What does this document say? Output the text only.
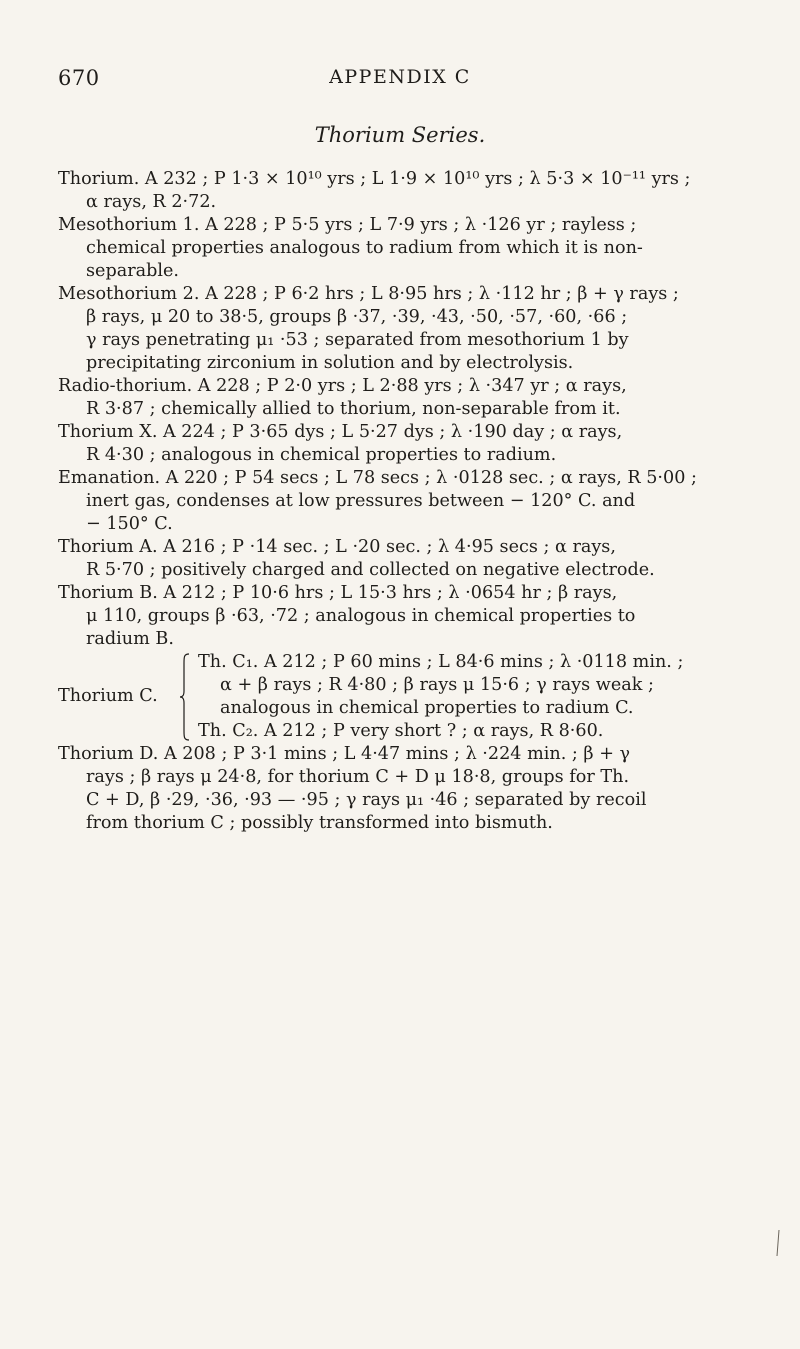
670	APPENDIX C
Thorium Series.
Thorium. A 232 ; P 1·3 × 10¹⁰ yrs ; L 1·9 × 10¹⁰ yrs ; λ 5·3 × 10⁻¹¹ yrs ;
α rays, R 2·72.
Mesothorium 1. A 228 ; P 5·5 yrs ; L 7·9 yrs ; λ ·126 yr ; rayless ;
chemical properties analogous to radium from which it is non-
separable.
Mesothorium 2. A 228 ; P 6·2 hrs ; L 8·95 hrs ; λ ·112 hr ; β + γ rays ;
β rays, μ 20 to 38·5, groups β ·37, ·39, ·43, ·50, ·57, ·60, ·66 ;
γ rays penetrating μ₁ ·53 ; separated from mesothorium 1 by
precipitating zirconium in solution and by electrolysis.
Radio-thorium. A 228 ; P 2·0 yrs ; L 2·88 yrs ; λ ·347 yr ; α rays,
R 3·87 ; chemically allied to thorium, non-separable from it.
Thorium X. A 224 ; P 3·65 dys ; L 5·27 dys ; λ ·190 day ; α rays,
R 4·30 ; analogous in chemical properties to radium.
Emanation. A 220 ; P 54 secs ; L 78 secs ; λ ·0128 sec. ; α rays, R 5·00 ;
inert gas, condenses at low pressures between − 120° C. and
− 150° C.
Thorium A. A 216 ; P ·14 sec. ; L ·20 sec. ; λ 4·95 secs ; α rays,
R 5·70 ; positively charged and collected on negative electrode.
Thorium B. A 212 ; P 10·6 hrs ; L 15·3 hrs ; λ ·0654 hr ; β rays,
μ 110, groups β ·63, ·72 ; analogous in chemical properties to
radium B.
Thorium C.
Th. C₁. A 212 ; P 60 mins ; L 84·6 mins ; λ ·0118 min. ;
α + β rays ; R 4·80 ; β rays μ 15·6 ; γ rays weak ;
analogous in chemical properties to radium C.
Th. C₂. A 212 ; P very short ? ; α rays, R 8·60.
Thorium D. A 208 ; P 3·1 mins ; L 4·47 mins ; λ ·224 min. ; β + γ
rays ; β rays μ 24·8, for thorium C + D μ 18·8, groups for Th.
C + D, β ·29, ·36, ·93 — ·95 ; γ rays μ₁ ·46 ; separated by recoil
from thorium C ; possibly transformed into bismuth.
